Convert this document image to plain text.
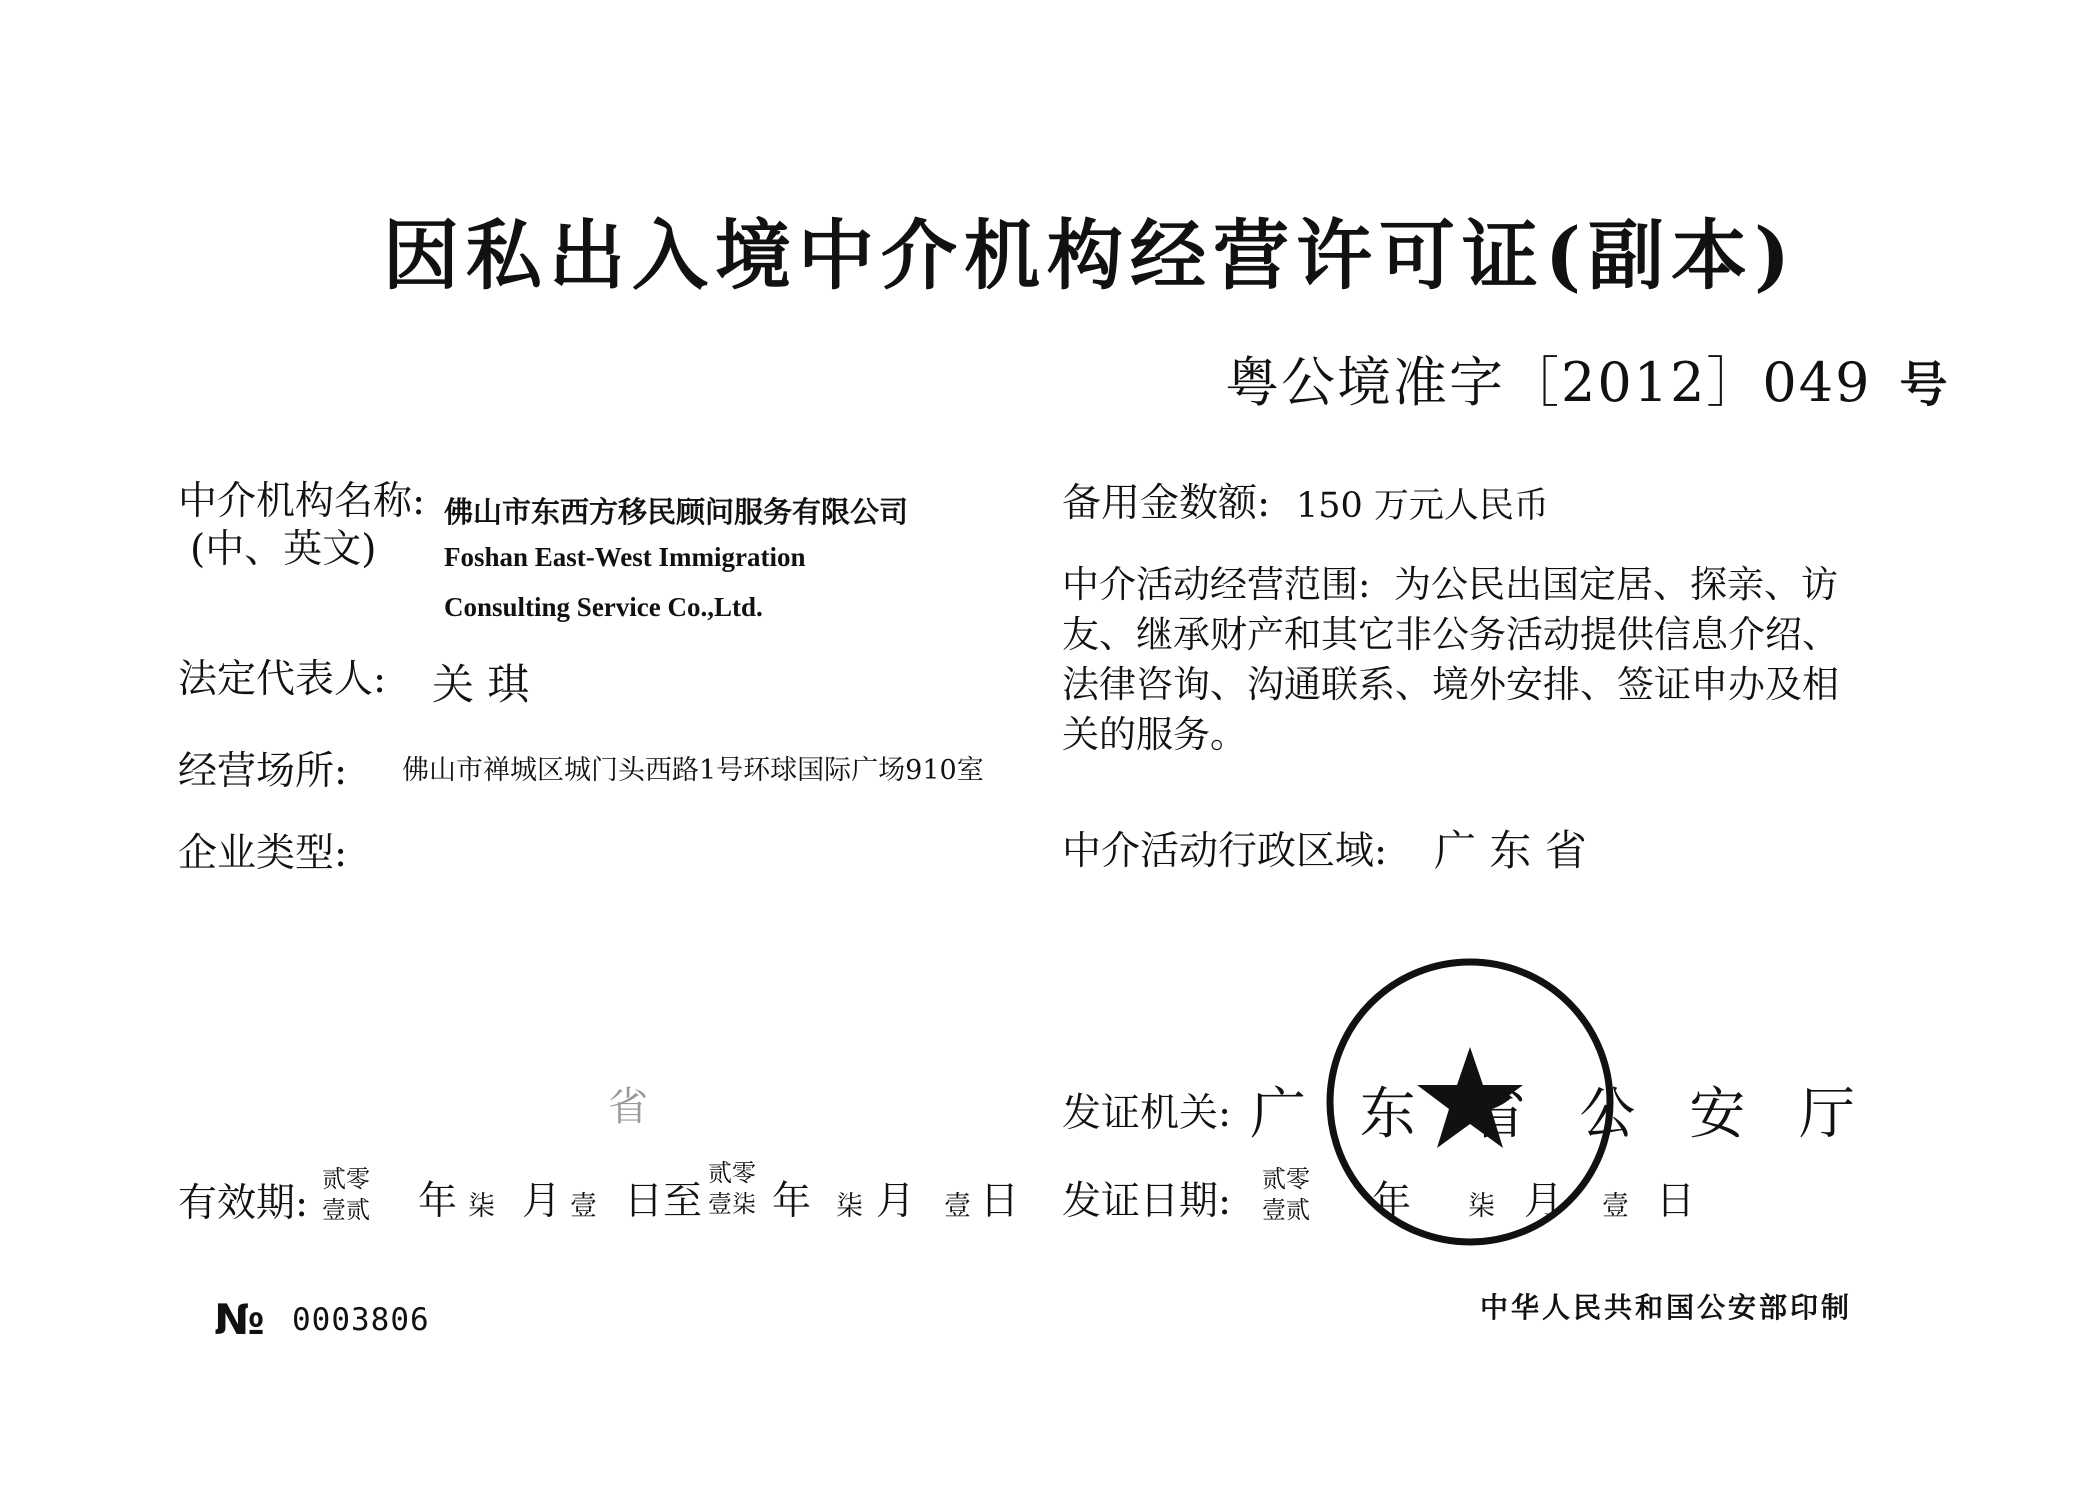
因私出入境中介机构经营许可证(副本)
粤公境准字［2012］049 号
中介机构名称:
(中、英文)
佛山市东西方移民顾问服务有限公司
Foshan East-West Immigration
Consulting Service Co.,Ltd.
法定代表人: 关 琪
经营场所: 佛山市禅城区城门头西路1号环球国际广场910室
企业类型:
省
有效期:
贰零
壹贰 年 柒 月 壹 日至
贰零
壹柒 年 柒 月 壹 日
№ 0003806
备用金数额: 150 万元人民币
中介活动经营范围: 为公民出国定居、探亲、访友、继承财产和其它非公务活动提供信息介绍、法律咨询、沟通联系、境外安排、签证申办及相关的服务。
中介活动行政区域: 广 东 省
发证机关: 广 东 省 公 安 厅
发证日期: 贰零
壹贰 年 柒 月 壹 日
中华人民共和国公安部印制
